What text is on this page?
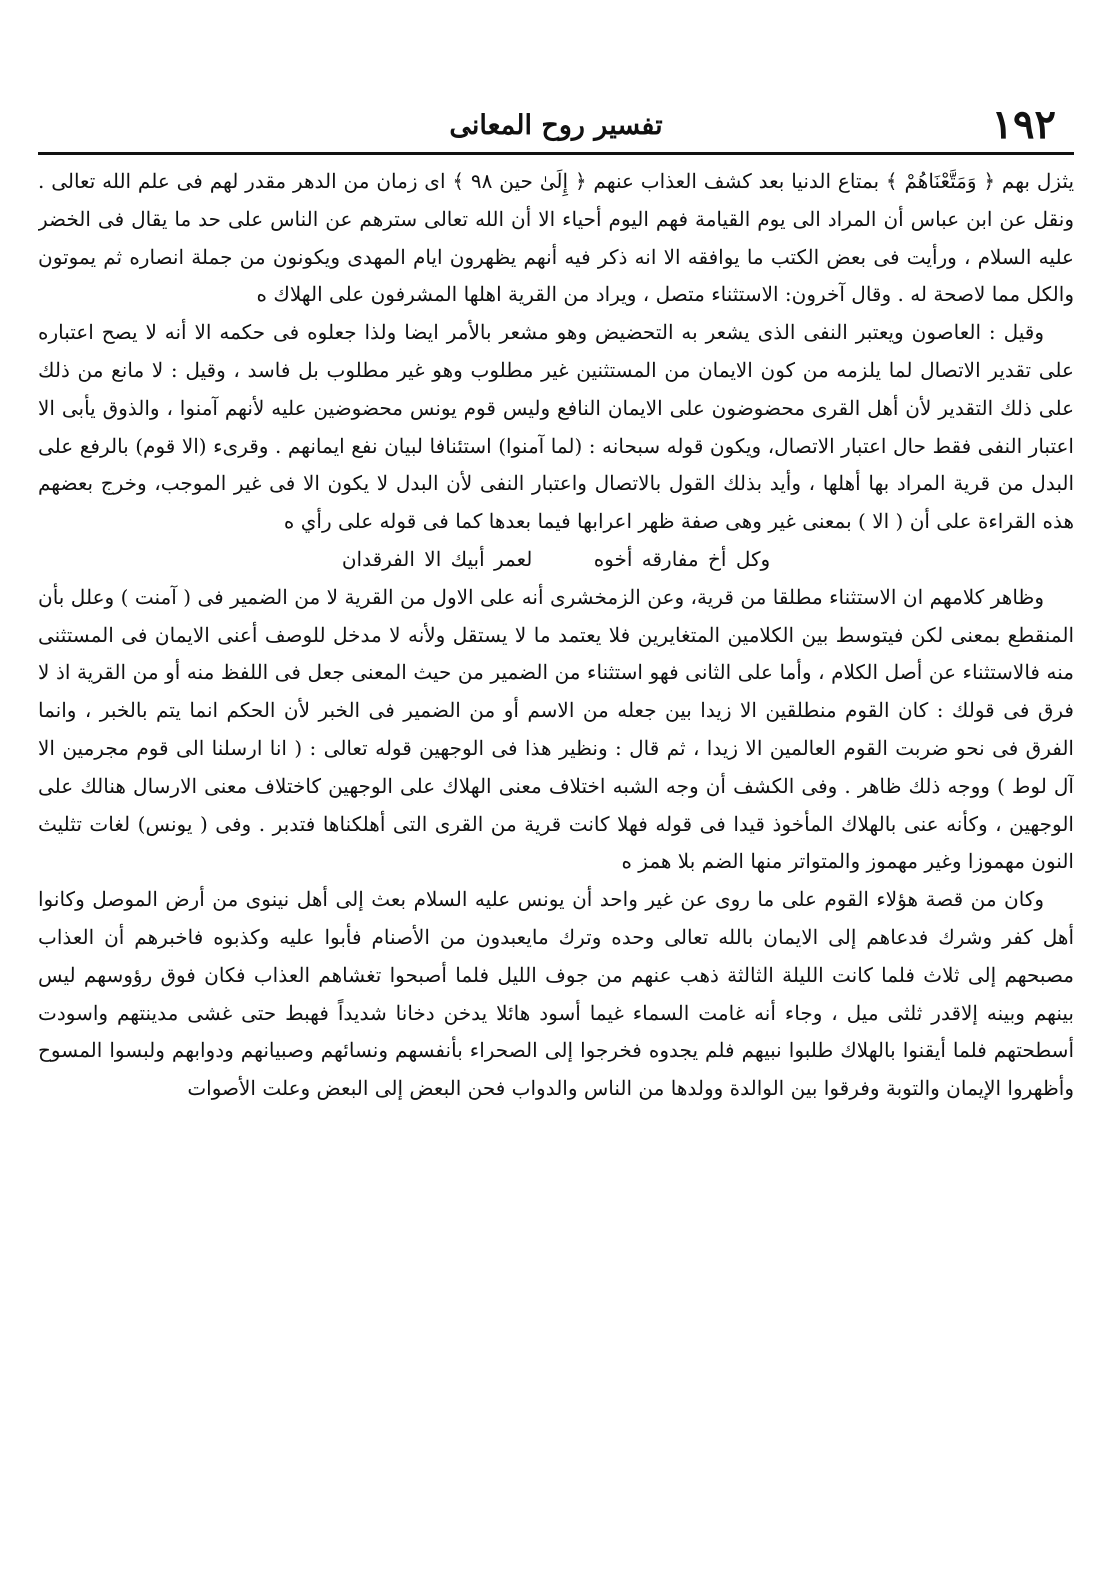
١٩٢
تفسير روح المعانى

يثزل بهم ﴿ وَمَتَّعْنَاهُمْ ﴾ بمتاع الدنيا بعد كشف العذاب عنهم ﴿ إِلَىٰ حين ٩٨ ﴾ اى زمان من الدهر مقدر لهم فى علم الله تعالى . ونقل عن ابن عباس أن المراد الى يوم القيامة فهم اليوم أحياء الا أن الله تعالى سترهم عن الناس على حد ما يقال فى الخضر عليه السلام ، ورأيت فى بعض الكتب ما يوافقه الا انه ذكر فيه أنهم يظهرون ايام المهدى ويكونون من جملة انصاره ثم يموتون والكل مما لاصحة له . وقال آخرون: الاستثناء متصل ، ويراد من القرية اهلها المشرفون على الهلاك ه

وقيل : العاصون ويعتبر النفى الذى يشعر به التحضيض وهو مشعر بالأمر ايضا ولذا جعلوه فى حكمه الا أنه لا يصح اعتباره على تقدير الاتصال لما يلزمه من كون الايمان من المستثنين غير مطلوب وهو غير مطلوب بل فاسد ، وقيل : لا مانع من ذلك على ذلك التقدير لأن أهل القرى محضوضون على الايمان النافع وليس قوم يونس محضوضين عليه لأنهم آمنوا ، والذوق يأبى الا اعتبار النفى فقط حال اعتبار الاتصال، ويكون قوله سبحانه : (لما آمنوا) استئنافا لبيان نفع ايمانهم . وقرىء (الا قوم) بالرفع على البدل من قرية المراد بها أهلها ، وأيد بذلك القول بالاتصال واعتبار النفى لأن البدل لا يكون الا فى غير الموجب، وخرج بعضهم هذه القراءة على أن ( الا ) بمعنى غير وهى صفة ظهر اعرابها فيما بعدها كما فى قوله على رأي ه

وكل أخ مفارقه أخوه لعمر أبيك الا الفرقدان

وظاهر كلامهم ان الاستثناء مطلقا من قرية، وعن الزمخشرى أنه على الاول من القرية لا من الضمير فى ( آمنت ) وعلل بأن المنقطع بمعنى لكن فيتوسط بين الكلامين المتغايرين فلا يعتمد ما لا يستقل ولأنه لا مدخل للوصف أعنى الايمان فى المستثنى منه فالاستثناء عن أصل الكلام ، وأما على الثانى فهو استثناء من الضمير من حيث المعنى جعل فى اللفظ منه أو من القرية اذ لا فرق فى قولك : كان القوم منطلقين الا زيدا بين جعله من الاسم أو من الضمير فى الخبر لأن الحكم انما يتم بالخبر ، وانما الفرق فى نحو ضربت القوم العالمين الا زيدا ، ثم قال : ونظير هذا فى الوجهين قوله تعالى : ( انا ارسلنا الى قوم مجرمين الا آل لوط ) ووجه ذلك ظاهر . وفى الكشف أن وجه الشبه اختلاف معنى الهلاك على الوجهين كاختلاف معنى الارسال هنالك على الوجهين ، وكأنه عنى بالهلاك المأخوذ قيدا فى قوله فهلا كانت قرية من القرى التى أهلكناها فتدبر . وفى ( يونس) لغات تثليث النون مهموزا وغير مهموز والمتواتر منها الضم بلا همز ه

وكان من قصة هؤلاء القوم على ما روى عن غير واحد أن يونس عليه السلام بعث إلى أهل نينوى من أرض الموصل وكانوا أهل كفر وشرك فدعاهم إلى الايمان بالله تعالى وحده وترك مايعبدون من الأصنام فأبوا عليه وكذبوه فاخبرهم أن العذاب مصبحهم إلى ثلاث فلما كانت الليلة الثالثة ذهب عنهم من جوف الليل فلما أصبحوا تغشاهم العذاب فكان فوق رؤوسهم ليس بينهم وبينه إلاقدر ثلثى ميل ، وجاء أنه غامت السماء غيما أسود هائلا يدخن دخانا شديداً فهبط حتى غشى مدينتهم واسودت أسطحتهم فلما أيقنوا بالهلاك طلبوا نبيهم فلم يجدوه فخرجوا إلى الصحراء بأنفسهم ونسائهم وصبيانهم ودوابهم ولبسوا المسوح وأظهروا الإيمان والتوبة وفرقوا بين الوالدة وولدها من الناس والدواب فحن البعض إلى البعض وعلت الأصوات
